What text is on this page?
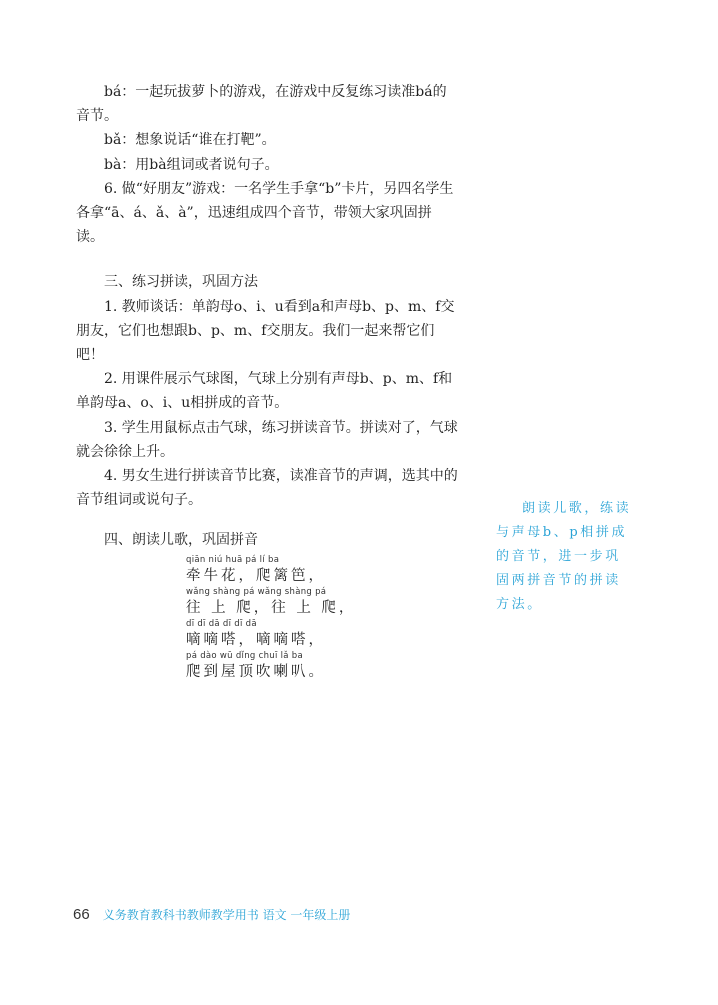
bá：一起玩拔萝卜的游戏，在游戏中反复练习读准bá的音节。

bǎ：想象说话“谁在打靶”。

bà：用bà组词或者说句子。

6. 做“好朋友”游戏：一名学生手拿“b”卡片，另四名学生各拿“ā、á、ǎ、à”，迅速组成四个音节，带领大家巩固拼读。

三、练习拼读，巩固方法

1. 教师谈话：单韵母o、i、u看到a和声母b、p、m、f交朋友，它们也想跟b、p、m、f交朋友。我们一起来帮它们吧！

2. 用课件展示气球图，气球上分别有声母b、p、m、f和单韵母a、o、i、u相拼成的音节。

3. 学生用鼠标点击气球，练习拼读音节。拼读对了，气球就会徐徐上升。

4. 男女生进行拼读音节比赛，读准音节的声调，选其中的音节组词或说句子。

四、朗读儿歌，巩固拼音

qiān niú huā pá lí ba
牵牛花，爬篱笆，
wǎng shàng pá wǎng shàng pá
往 上 爬，往 上 爬，
dī dī dā dī dī dā
嘀嘀嗒，嘀嘀嗒，
pá dào wū dǐng chuī lǎ ba
爬到屋顶吹喇叭。
朗读儿歌，练读与声母b、p相拼成的音节，进一步巩固两拼音节的拼读方法。
66 义务教育教科书教师教学用书 语文 一年级上册
